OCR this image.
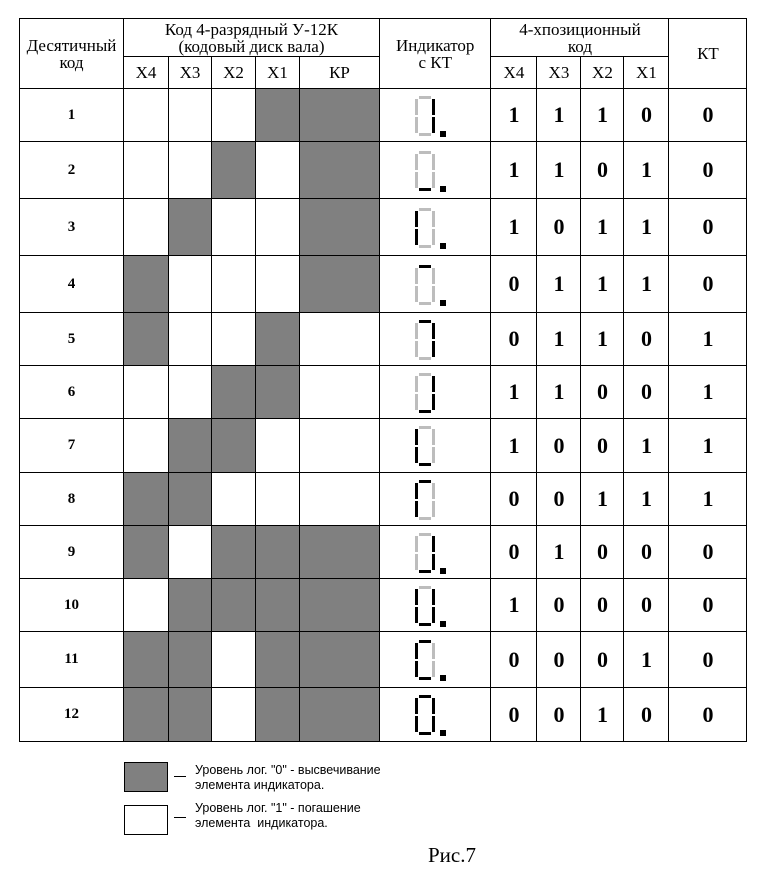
Десятичный код	Код 4-разрядный У-12К (кодовый диск вала)					Индикатор с КТ	4-хпозиционный код				КТ
	X4	X3	X2	X1	КР		X4	X3	X2	X1	
1							1	1	1	0	0
2							1	1	0	1	0
3							1	0	1	1	0
4							0	1	1	1	0
5							0	1	1	0	1
6							1	1	0	0	1
7							1	0	0	1	1
8							0	0	1	1	1
9							0	1	0	0	0
10							1	0	0	0	0
11							0	0	0	1	0
12							0	0	1	0	0
Уровень лог. "0" - высвечивание
элемента индикатора.
Уровень лог. "1" - погашение
элемента  индикатора.
Рис.7
